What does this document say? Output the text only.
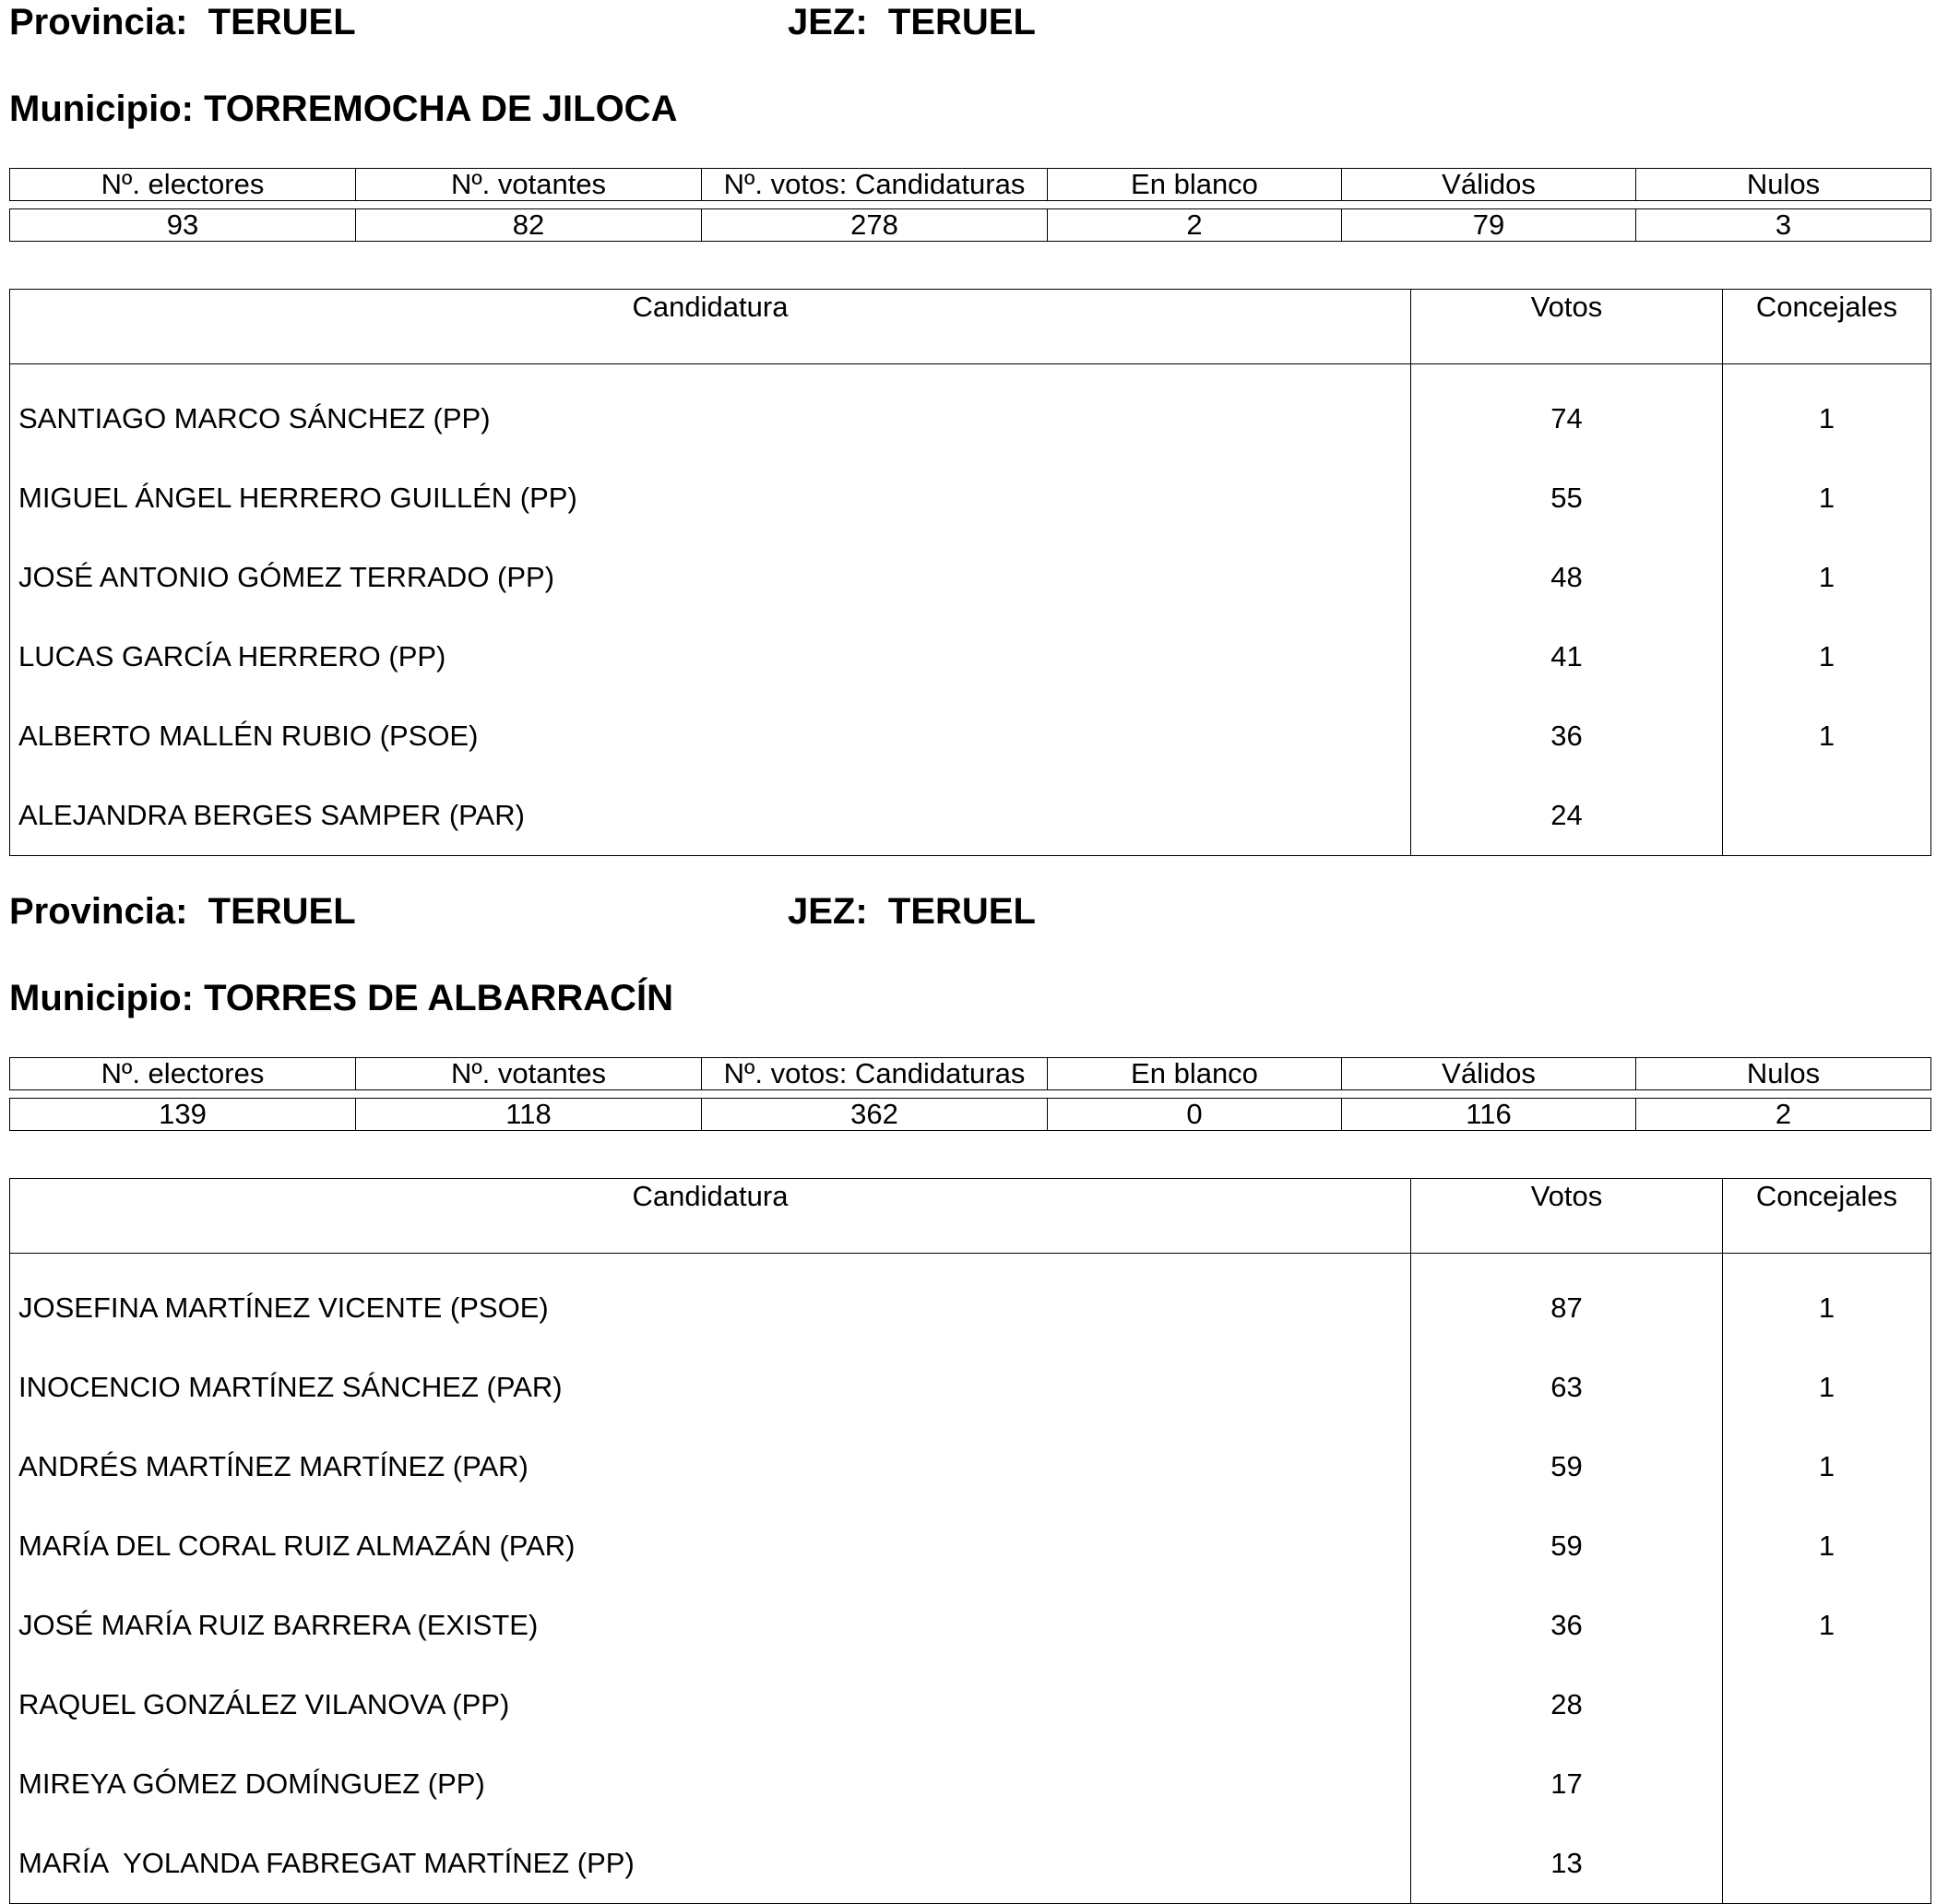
Provincia: TERUEL	JEZ: TERUEL
Municipio: TORREMOCHA DE JILOCA
Nº. electores	Nº. votantes	Nº. votos: Candidaturas	En blanco	Válidos	Nulos
93	82	278	2	79	3
Candidatura	Votos	Concejales
SANTIAGO MARCO SÁNCHEZ (PP)	74	1
MIGUEL ÁNGEL HERRERO GUILLÉN (PP)	55	1
JOSÉ ANTONIO GÓMEZ TERRADO (PP)	48	1
LUCAS GARCÍA HERRERO (PP)	41	1
ALBERTO MALLÉN RUBIO (PSOE)	36	1
ALEJANDRA BERGES SAMPER (PAR)	24	
Provincia: TERUEL	JEZ: TERUEL
Municipio: TORRES DE ALBARRACÍN
Nº. electores	Nº. votantes	Nº. votos: Candidaturas	En blanco	Válidos	Nulos
139	118	362	0	116	2
Candidatura	Votos	Concejales
JOSEFINA MARTÍNEZ VICENTE (PSOE)	87	1
INOCENCIO MARTÍNEZ SÁNCHEZ (PAR)	63	1
ANDRÉS MARTÍNEZ MARTÍNEZ (PAR)	59	1
MARÍA DEL CORAL RUIZ ALMAZÁN (PAR)	59	1
JOSÉ MARÍA RUIZ BARRERA (EXISTE)	36	1
RAQUEL GONZÁLEZ VILANOVA (PP)	28	
MIREYA GÓMEZ DOMÍNGUEZ (PP)	17	
MARÍA  YOLANDA FABREGAT MARTÍNEZ (PP)	13	
